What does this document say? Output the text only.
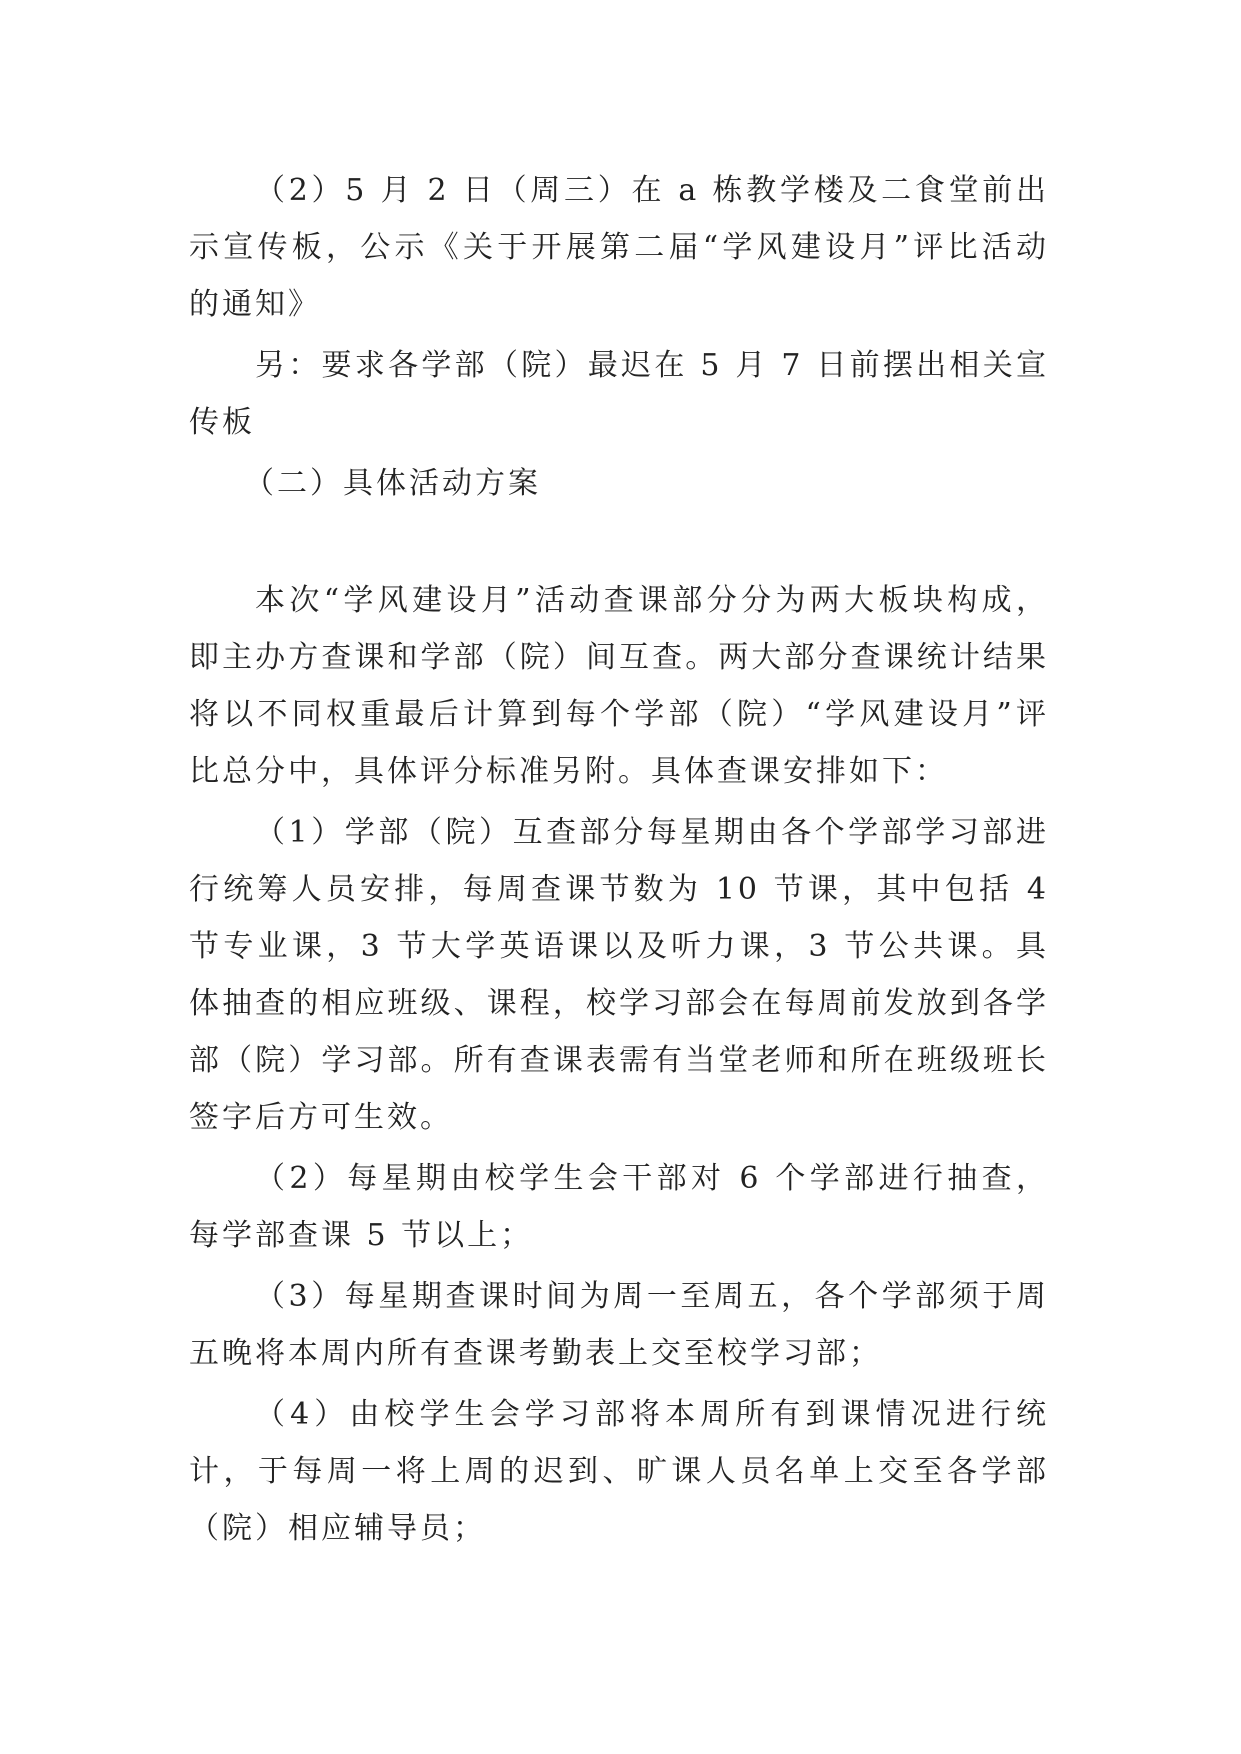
（2）5 月 2 日（周三）在 a 栋教学楼及二食堂前出示宣传板，公示《关于开展第二届“学风建设月”评比活动的通知》

另：要求各学部（院）最迟在 5 月 7 日前摆出相关宣传板

（二）具体活动方案

本次“学风建设月”活动查课部分分为两大板块构成，即主办方查课和学部（院）间互查。两大部分查课统计结果将以不同权重最后计算到每个学部（院）“学风建设月”评比总分中，具体评分标准另附。具体查课安排如下：

（1）学部（院）互查部分每星期由各个学部学习部进行统筹人员安排，每周查课节数为 10 节课，其中包括 4 节专业课，3 节大学英语课以及听力课，3 节公共课。具体抽查的相应班级、课程，校学习部会在每周前发放到各学部（院）学习部。所有查课表需有当堂老师和所在班级班长签字后方可生效。

（2）每星期由校学生会干部对 6 个学部进行抽查，每学部查课 5 节以上；

（3）每星期查课时间为周一至周五，各个学部须于周五晚将本周内所有查课考勤表上交至校学习部；

（4）由校学生会学习部将本周所有到课情况进行统计，于每周一将上周的迟到、旷课人员名单上交至各学部（院）相应辅导员；
